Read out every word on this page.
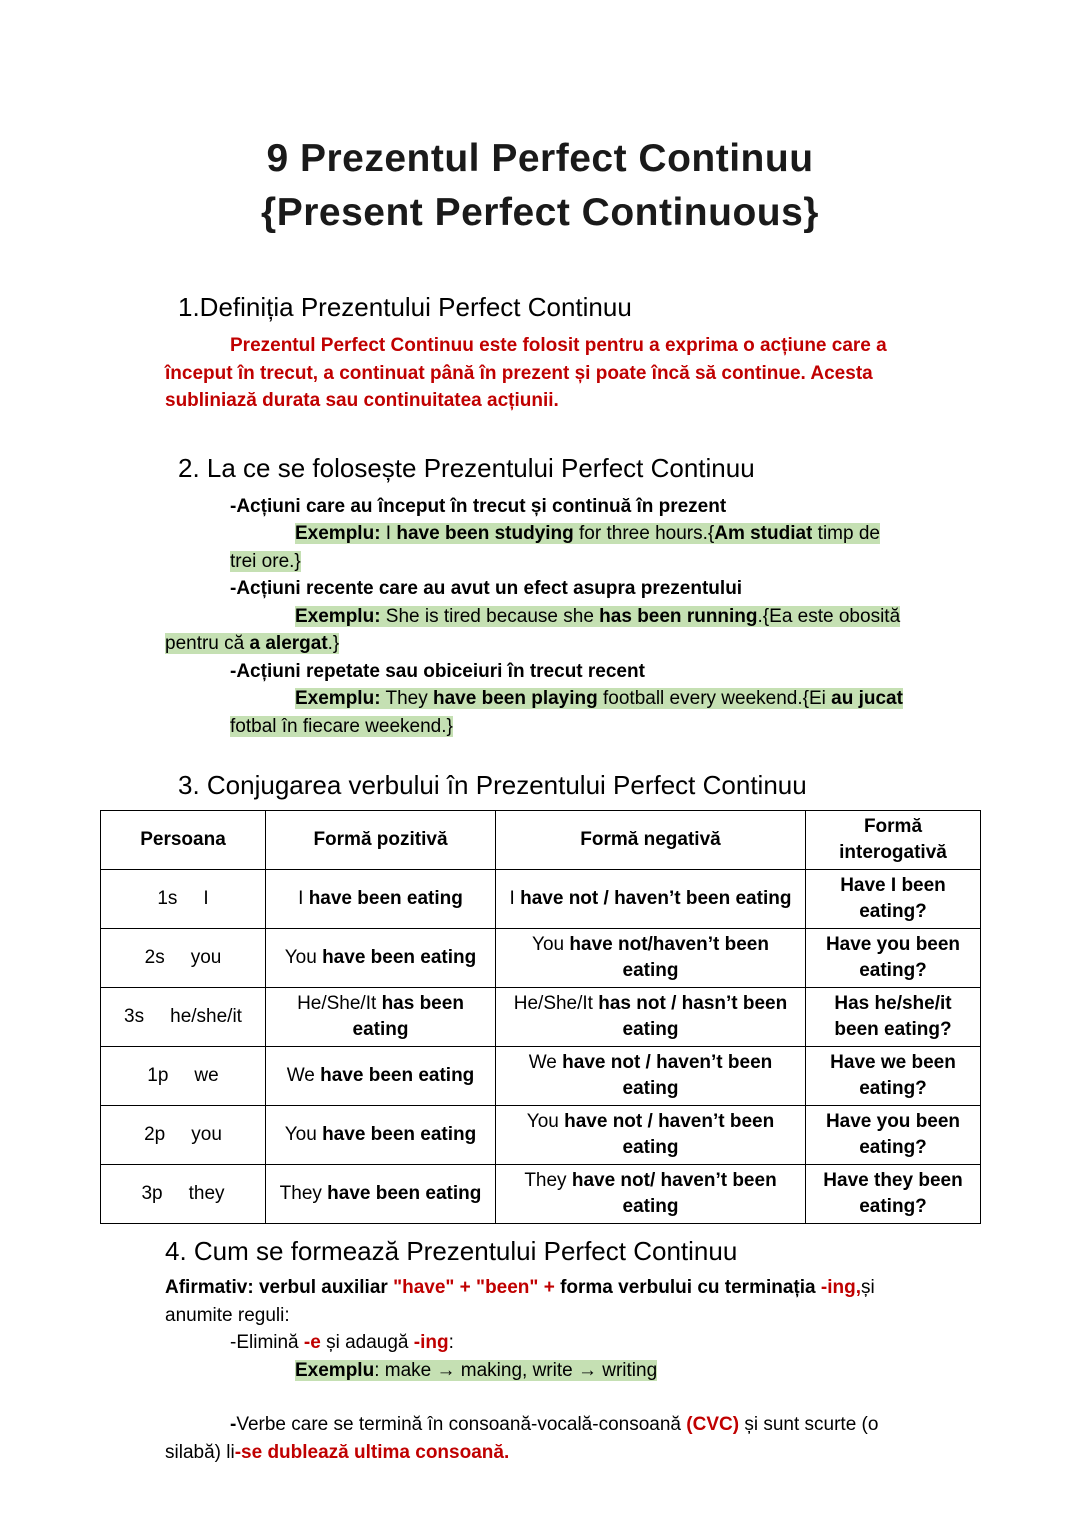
9 Prezentul Perfect Continuu
{Present Perfect Continuous}
1.Definiția Prezentului Perfect Continuu
Prezentul Perfect Continuu este folosit pentru a exprima o acțiune care a
început în trecut, a continuat până în prezent și poate încă să continue. Acesta
subliniază durata sau continuitatea acțiunii.
2. La ce se folosește Prezentului Perfect Continuu
-Acțiuni care au început în trecut și continuă în prezent
Exemplu: I have been studying for three hours.{Am studiat timp de
trei ore.}
-Acțiuni recente care au avut un efect asupra prezentului
Exemplu: She is tired because she has been running.{Ea este obosită
pentru că a alergat.}
-Acțiuni repetate sau obiceiuri în trecut recent
Exemplu: They have been playing football every weekend.{Ei au jucat
fotbal în fiecare weekend.}
3. Conjugarea verbului în Prezentului Perfect Continuu
Persoana	Formă pozitivă	Formă negativă	Formă interogativă

1s I	I have been eating	I have not / haven’t been eating	Have I been eating?

2s you	You have been eating	You have not/haven’t been eating	Have you been eating?

3s he/she/it	He/She/It has been eating	He/She/It has not / hasn’t been eating	Has he/she/it been eating?

1p we	We have been eating	We have not / haven’t been eating	Have we been eating?

2p you	You have been eating	You have not / haven’t been eating	Have you been eating?

3p they	They have been eating	They have not/ haven’t been eating	Have they been eating?
4. Cum se formează Prezentului Perfect Continuu
Afirmativ: verbul auxiliar "have" + "been" + forma verbului cu terminația -ing,și
anumite reguli:
-Elimină -e și adaugă -ing:
Exemplu: make → making, write → writing
-Verbe care se termină în consoană-vocală-consoană (CVC) și sunt scurte (o
silabă) li-se dublează ultima consoană.
